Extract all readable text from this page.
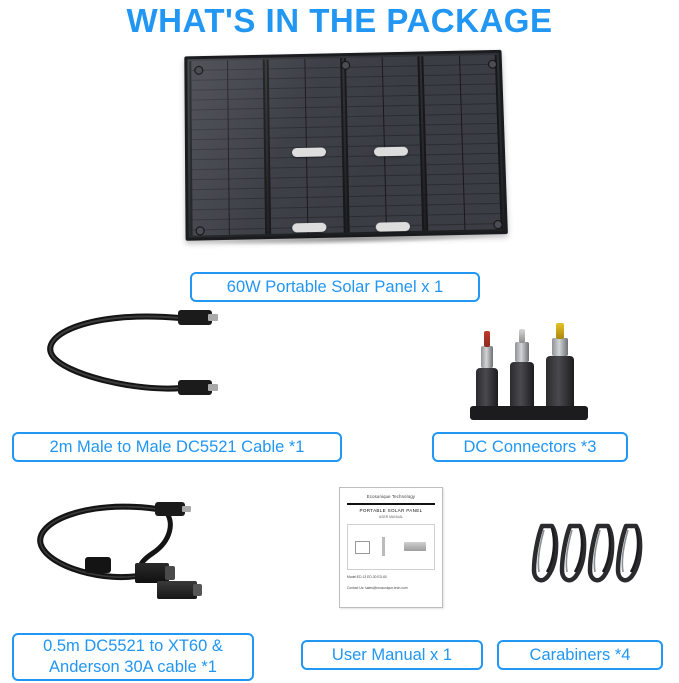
WHAT'S IN THE PACKAGE
60W Portable Solar Panel x 1
2m Male to Male DC5521 Cable *1	DC Connectors *3
0.5m DC5521 to XT60 &
Anderson 30A cable *1
Ecosunique Technology
PORTABLE SOLAR PANEL
USER MANUAL
Model:ED-13 ED-30 ED-60
Contact Us: sales@ecosunique-tech.com
User Manual x 1	Carabiners *4
